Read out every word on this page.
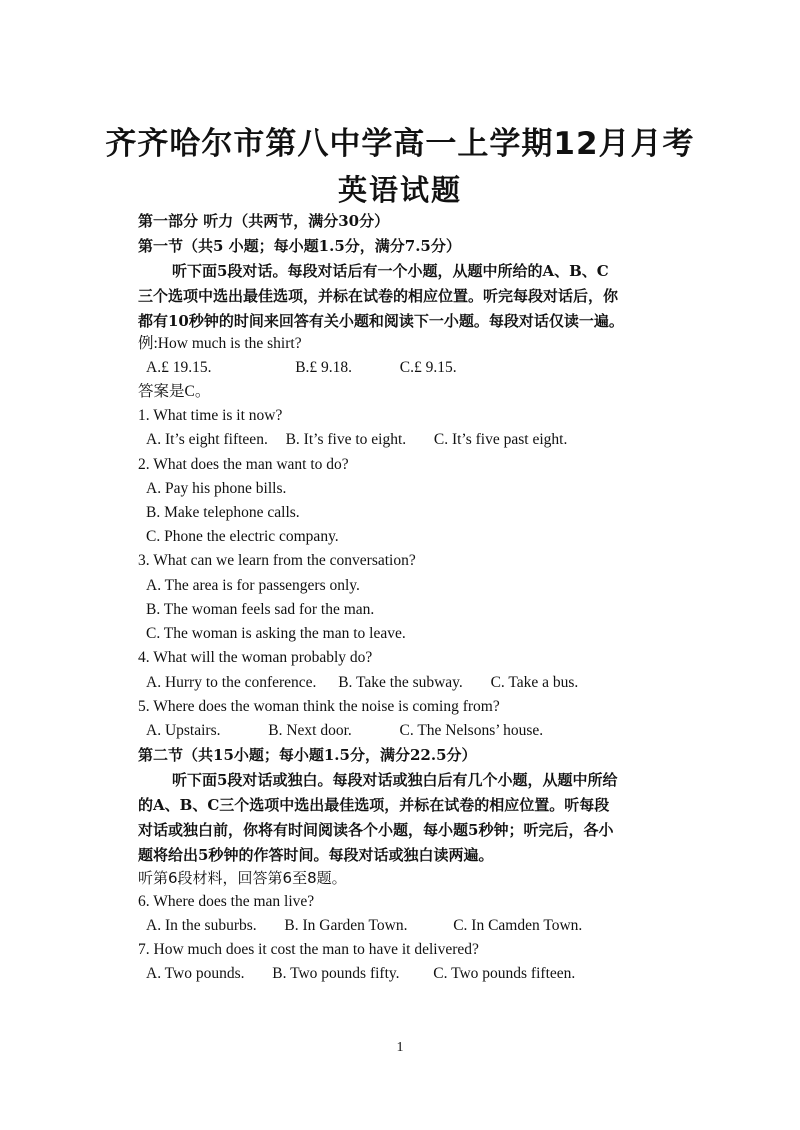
齐齐哈尔市第八中学高一上学期12月月考
英语试题
第一部分 听力（共两节，满分30分）
第一节（共5 小题；每小题1.5分，满分7.5分）
听下面5段对话。每段对话后有一个小题，从题中所给的A、B、C
三个选项中选出最佳选项，并标在试卷的相应位置。听完每段对话后，你
都有10秒钟的时间来回答有关小题和阅读下一小题。每段对话仅读一遍。
例:How much is the shirt?
A.£ 19.15.	B.£ 9.18.	C.£ 9.15.
答案是C。
1. What time is it now?
A. It’s eight fifteen. B. It’s five to eight. C. It’s five past eight.
2. What does the man want to do?
A. Pay his phone bills.
B. Make telephone calls.
C. Phone the electric company.
3. What can we learn from the conversation?
A. The area is for passengers only.
B. The woman feels sad for the man.
C. The woman is asking the man to leave.
4. What will the woman probably do?
A. Hurry to the conference. B. Take the subway. C. Take a bus.
5. Where does the woman think the noise is coming from?
A. Upstairs.	B. Next door.	C. The Nelsons’ house.
第二节（共15小题；每小题1.5分，满分22.5分）
听下面5段对话或独白。每段对话或独白后有几个小题，从题中所给
的A、B、C三个选项中选出最佳选项，并标在试卷的相应位置。听每段
对话或独白前，你将有时间阅读各个小题，每小题5秒钟；听完后，各小
题将给出5秒钟的作答时间。每段对话或独白读两遍。
听第6段材料，回答第6至8题。
6. Where does the man live?
A. In the suburbs. B. In Garden Town.	C. In Camden Town.
7. How much does it cost the man to have it delivered?
A. Two pounds. B. Two pounds fifty. C. Two pounds fifteen.
1
